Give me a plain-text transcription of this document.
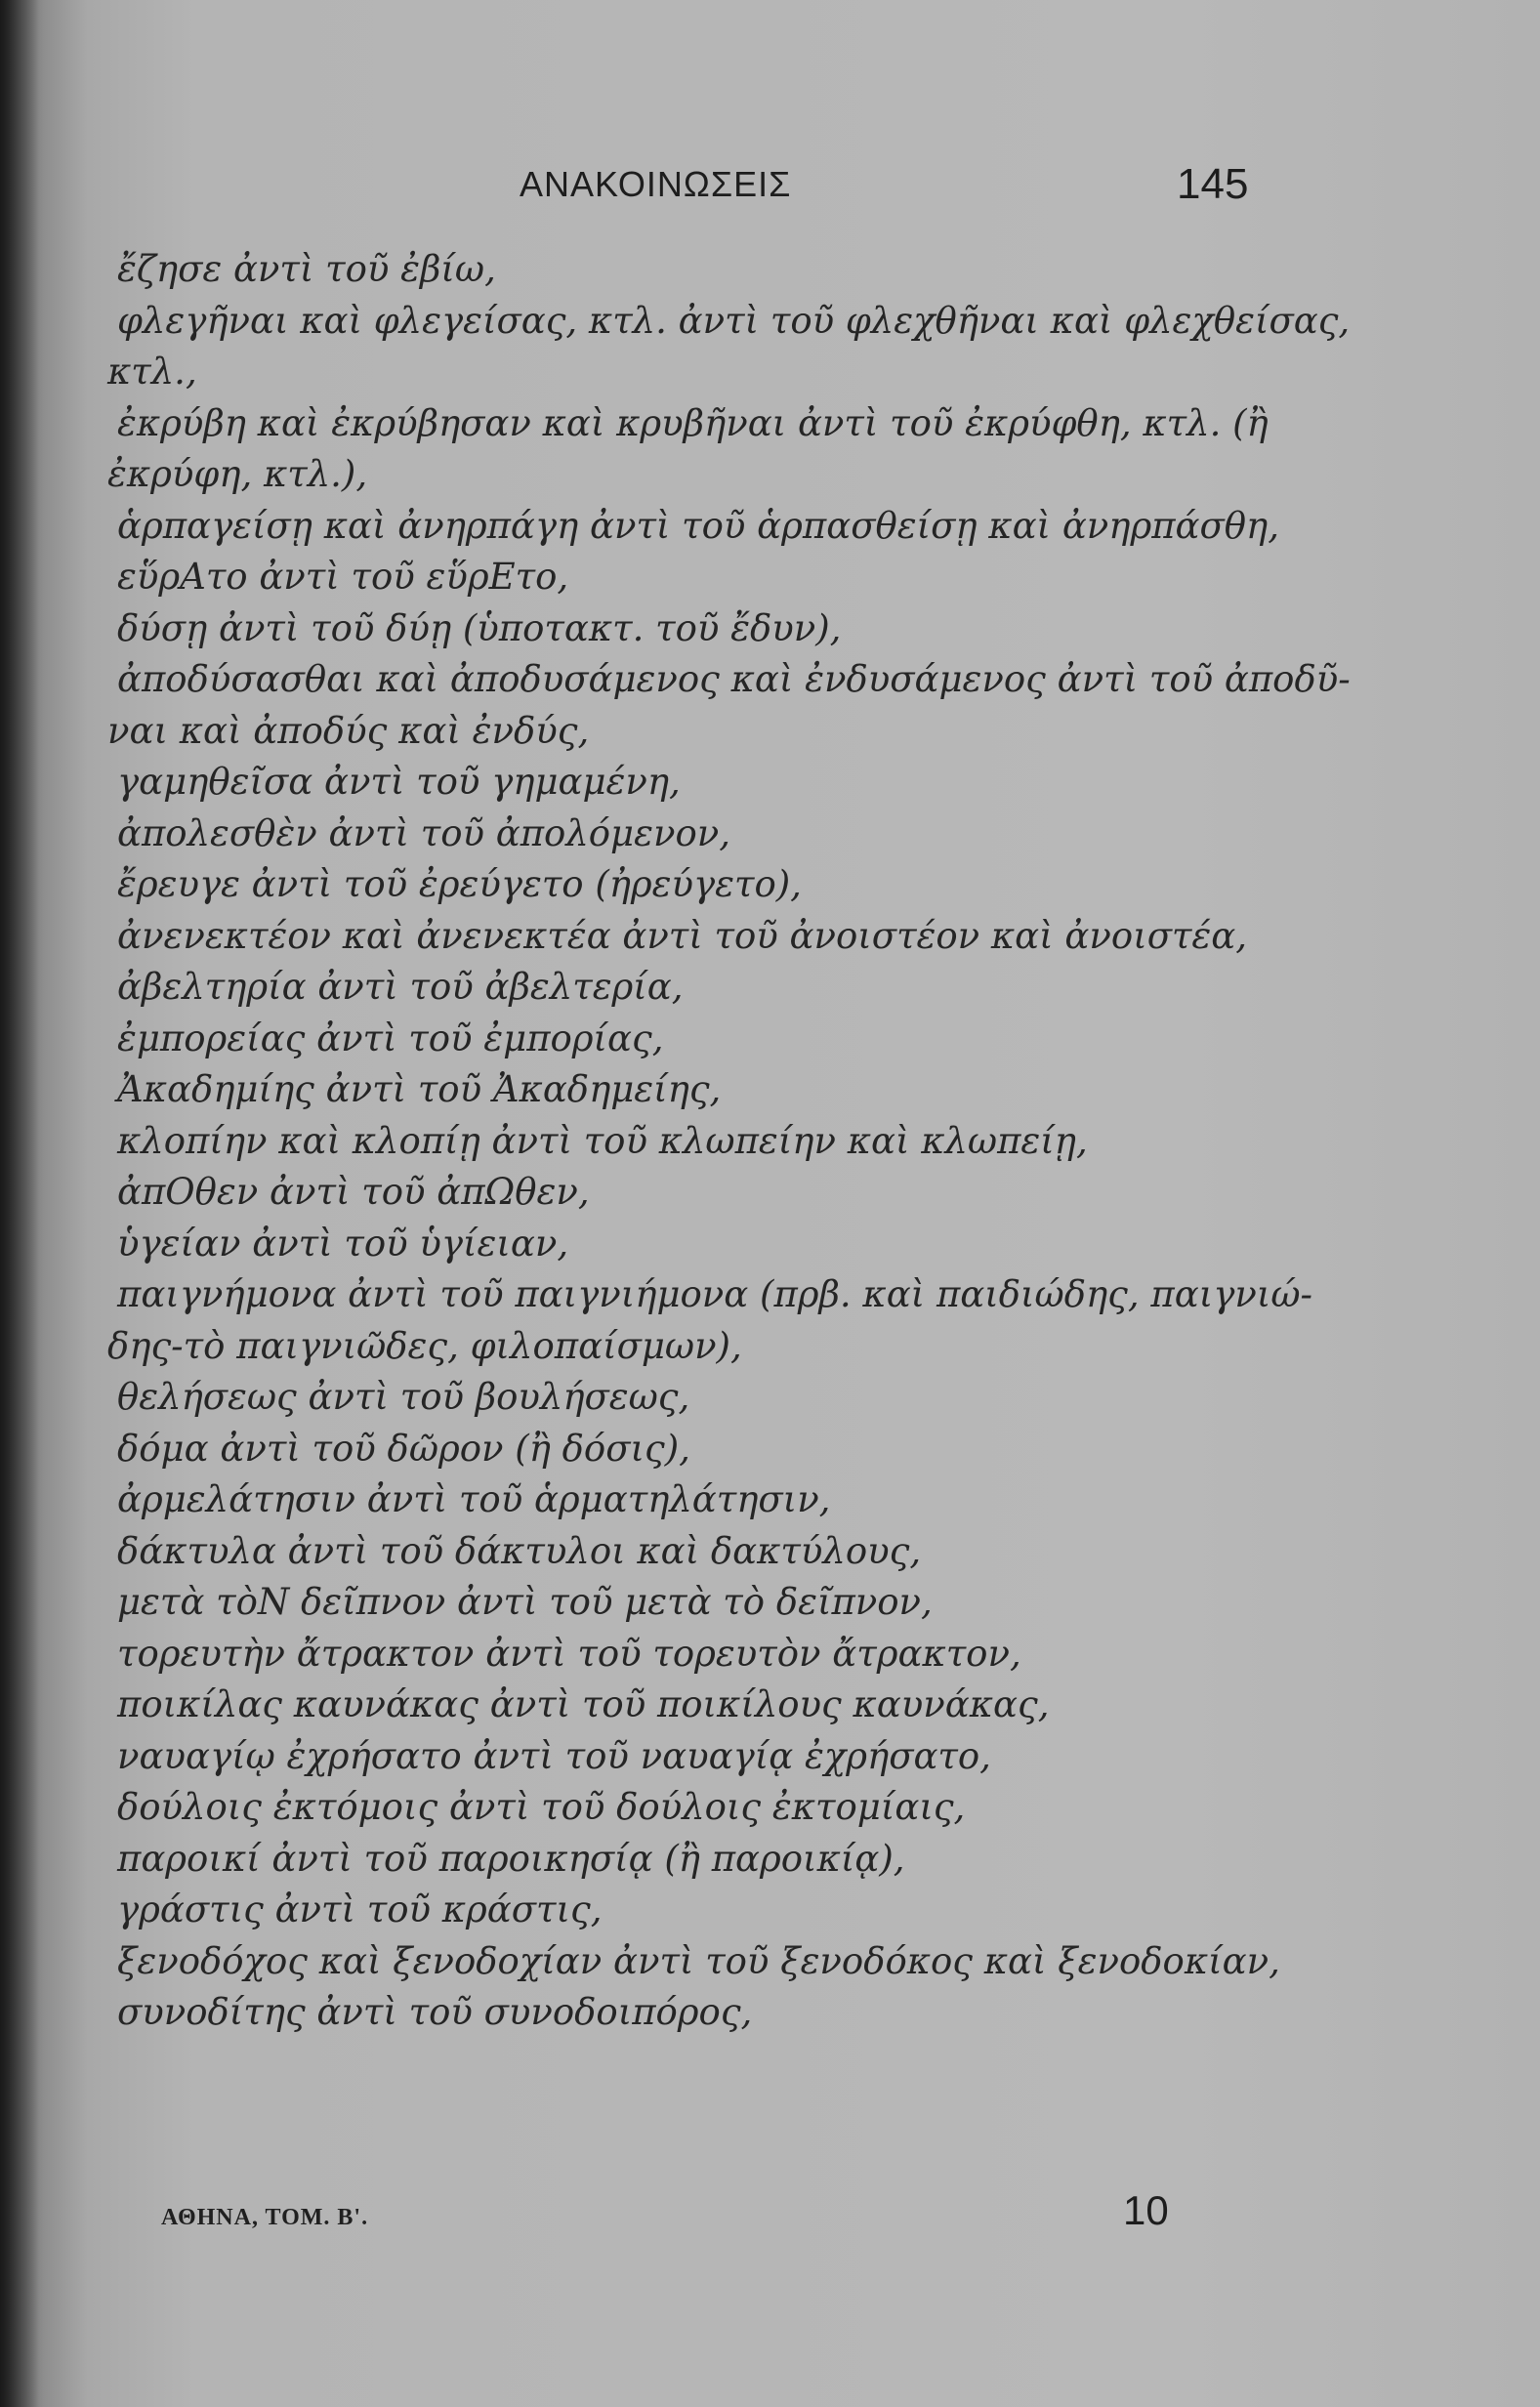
ΑΝΑΚΟΙΝΩΣΕΙΣ	145
ἔζησε ἀντὶ τοῦ ἐβίω,
φλεγῆναι καὶ φλεγείσας, κτλ. ἀντὶ τοῦ φλεχθῆναι καὶ φλεχθείσας,
κτλ.,
ἐκρύβη καὶ ἐκρύβησαν καὶ κρυβῆναι ἀντὶ τοῦ ἐκρύφθη, κτλ. (ἢ
ἐκρύφη, κτλ.),
ἁρπαγείσῃ καὶ ἀνηρπάγη ἀντὶ τοῦ ἁρπασθείσῃ καὶ ἀνηρπάσθη,
εὕρΑτο ἀντὶ τοῦ εὕρΕτο,
δύσῃ ἀντὶ τοῦ δύῃ (ὑποτακτ. τοῦ ἔδυν),
ἀποδύσασθαι καὶ ἀποδυσάμενος καὶ ἐνδυσάμενος ἀντὶ τοῦ ἀποδῦ-
ναι καὶ ἀποδύς καὶ ἐνδύς,
γαμηθεῖσα ἀντὶ τοῦ γημαμένη,
ἀπολεσθὲν ἀντὶ τοῦ ἀπολόμενον,
ἔρευγε ἀντὶ τοῦ ἐρεύγετο (ἠρεύγετο),
ἀνενεκτέον καὶ ἀνενεκτέα ἀντὶ τοῦ ἀνοιστέον καὶ ἀνοιστέα,
ἀβελτηρία ἀντὶ τοῦ ἀβελτερία,
ἐμπορείας ἀντὶ τοῦ ἐμπορίας,
Ἀκαδημίης ἀντὶ τοῦ Ἀκαδημείης,
κλοπίην καὶ κλοπίῃ ἀντὶ τοῦ κλωπείην καὶ κλωπείῃ,
ἀπΟθεν ἀντὶ τοῦ ἀπΩθεν,
ὑγείαν ἀντὶ τοῦ ὑγίειαν,
παιγνήμονα ἀντὶ τοῦ παιγνιήμονα (πρβ. καὶ παιδιώδης, παιγνιώ-
δης-τὸ παιγνιῶδες, φιλοπαίσμων),
θελήσεως ἀντὶ τοῦ βουλήσεως,
δόμα ἀντὶ τοῦ δῶρον (ἢ δόσις),
ἀρμελάτησιν ἀντὶ τοῦ ἁρματηλάτησιν,
δάκτυλα ἀντὶ τοῦ δάκτυλοι καὶ δακτύλους,
μετὰ τὸΝ δεῖπνον ἀντὶ τοῦ μετὰ τὸ δεῖπνον,
τορευτὴν ἄτρακτον ἀντὶ τοῦ τορευτὸν ἄτρακτον,
ποικίλας καυνάκας ἀντὶ τοῦ ποικίλους καυνάκας,
ναυαγίῳ ἐχρήσατο ἀντὶ τοῦ ναυαγίᾳ ἐχρήσατο,
δούλοις ἐκτόμοις ἀντὶ τοῦ δούλοις ἐκτομίαις,
παροικί ἀντὶ τοῦ παροικησίᾳ (ἢ παροικίᾳ),
γράστις ἀντὶ τοῦ κράστις,
ξενοδόχος καὶ ξενοδοχίαν ἀντὶ τοῦ ξενοδόκος καὶ ξενοδοκίαν,
συνοδίτης ἀντὶ τοῦ συνοδοιπόρος,
ΑΘΗΝΑ, ΤΟΜ. Β'.	10
